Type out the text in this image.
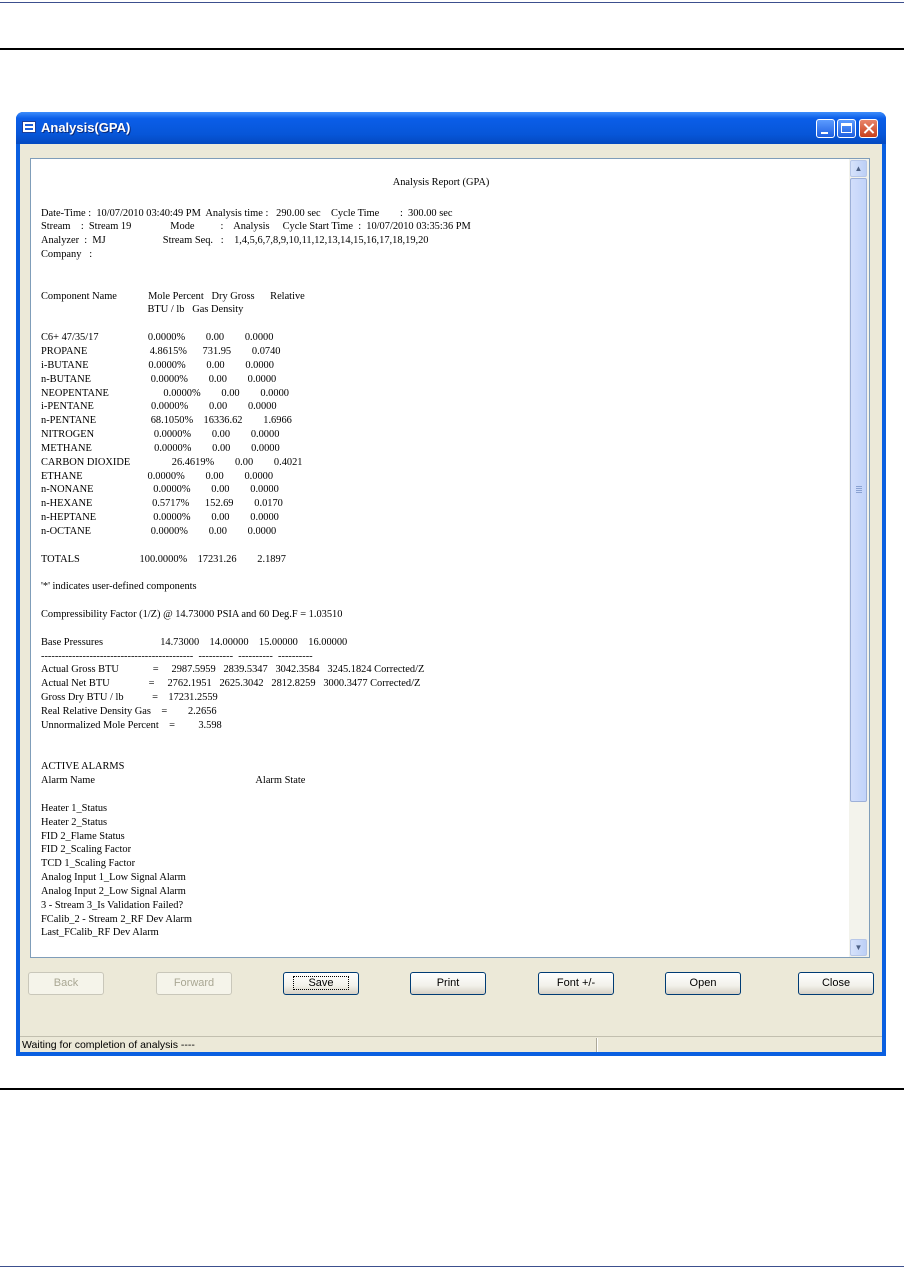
Analysis(GPA)
Analysis Report (GPA)

Date-Time :  10/07/2010 03:40:49 PM  Analysis time :   290.00 sec    Cycle Time        :  300.00 sec
Stream    :  Stream 19               Mode          :    Analysis     Cycle Start Time  :  10/07/2010 03:35:36 PM
Analyzer  :  MJ                      Stream Seq.   :    1,4,5,6,7,8,9,10,11,12,13,14,15,16,17,18,19,20
Company   :

Component Name            Mole Percent   Dry Gross      Relative
BTU / lb   Gas Density

C6+ 47/35/17                   0.0000%        0.00        0.0000
PROPANE                        4.8615%      731.95        0.0740
i-BUTANE                       0.0000%        0.00        0.0000
n-BUTANE                       0.0000%        0.00        0.0000
NEOPENTANE                     0.0000%        0.00        0.0000
i-PENTANE                      0.0000%        0.00        0.0000
n-PENTANE                     68.1050%    16336.62        1.6966
NITROGEN                       0.0000%        0.00        0.0000
METHANE                        0.0000%        0.00        0.0000
CARBON DIOXIDE                26.4619%        0.00        0.4021
ETHANE                         0.0000%        0.00        0.0000
n-NONANE                       0.0000%        0.00        0.0000
n-HEXANE                       0.5717%      152.69        0.0170
n-HEPTANE                      0.0000%        0.00        0.0000
n-OCTANE                       0.0000%        0.00        0.0000

TOTALS                       100.0000%    17231.26        2.1897

'*' indicates user-defined components

Compressibility Factor (1/Z) @ 14.73000 PSIA and 60 Deg.F = 1.03510

Base Pressures                      14.73000    14.00000    15.00000    16.00000
--------------------------------------------  ----------  ----------  ----------
Actual Gross BTU             =     2987.5959   2839.5347   3042.3584   3245.1824 Corrected/Z
Actual Net BTU               =     2762.1951   2625.3042   2812.8259   3000.3477 Corrected/Z
Gross Dry BTU / lb           =    17231.2559
Real Relative Density Gas    =        2.2656
Unnormalized Mole Percent    =         3.598

ACTIVE ALARMS
Alarm Name                                                              Alarm State

Heater 1_Status
Heater 2_Status
FID 2_Flame Status
FID 2_Scaling Factor
TCD 1_Scaling Factor
Analog Input 1_Low Signal Alarm
Analog Input 2_Low Signal Alarm
3 - Stream 3_Is Validation Failed?
FCalib_2 - Stream 2_RF Dev Alarm
Last_FCalib_RF Dev Alarm
▲
▼
Back	Forward	Save	Print	Font +/-	Open	Close
Waiting for completion of analysis ----
